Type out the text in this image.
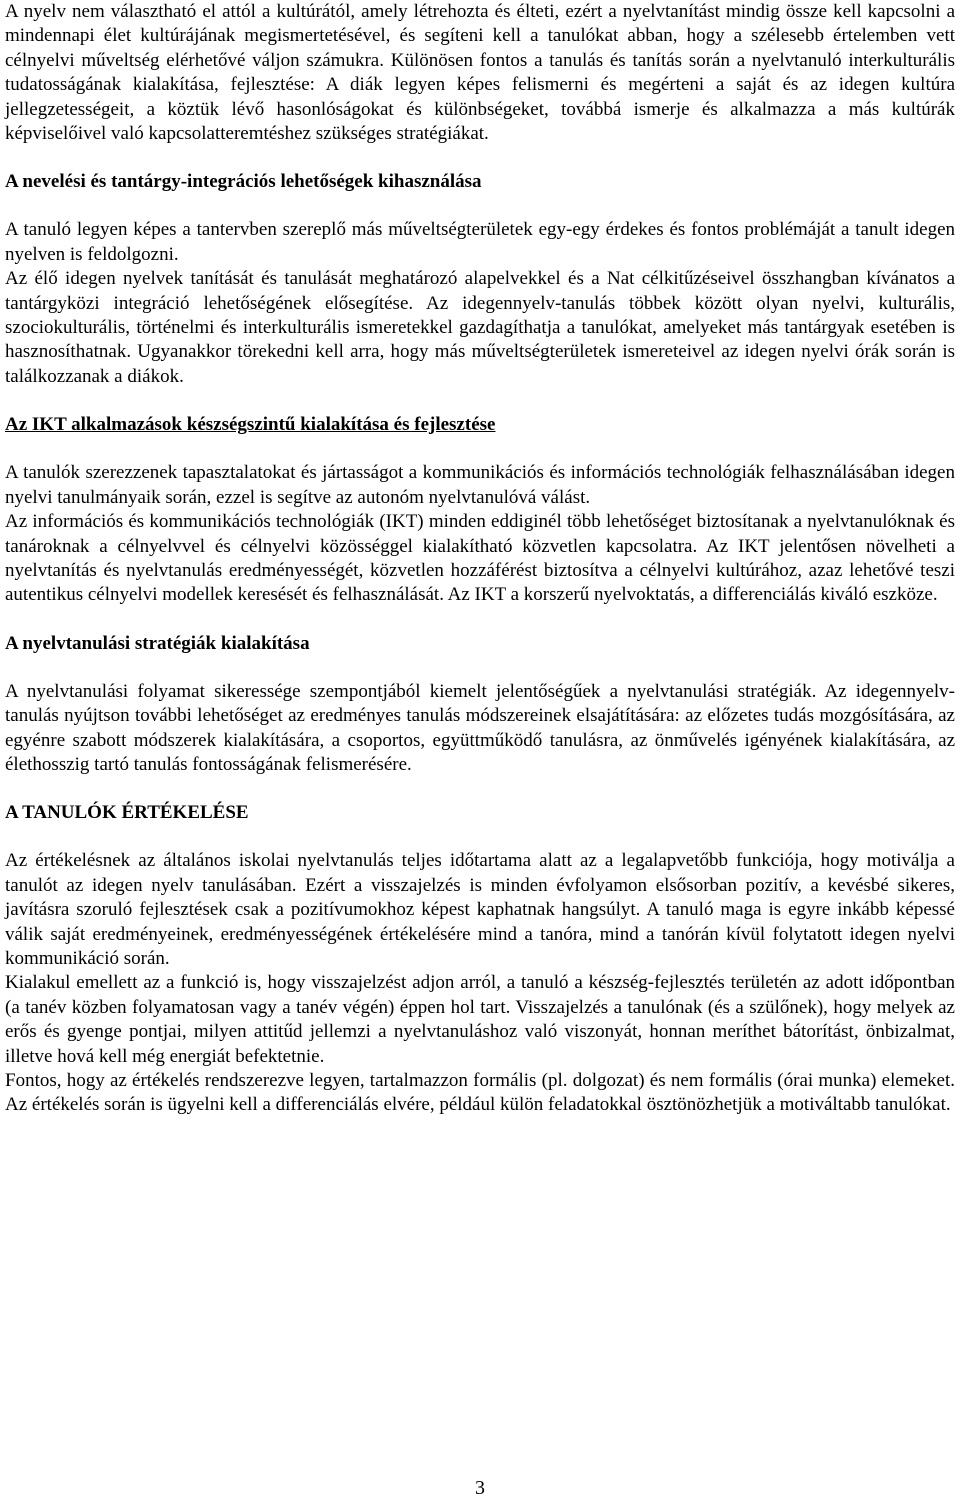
A nyelv nem választható el attól a kultúrától, amely létrehozta és élteti, ezért a nyelvtanítást mindig össze kell kapcsolni a mindennapi élet kultúrájának megismertetésével, és segíteni kell a tanulókat abban, hogy a szélesebb értelemben vett célnyelvi műveltség elérhetővé váljon számukra. Különösen fontos a tanulás és tanítás során a nyelvtanuló interkulturális tudatosságának kialakítása, fejlesztése: A diák legyen képes felismerni és megérteni a saját és az idegen kultúra jellegzetességeit, a köztük lévő hasonlóságokat és különbségeket, továbbá ismerje és alkalmazza a más kultúrák képviselőivel való kapcsolatteremtéshez szükséges stratégiákat.

A nevelési és tantárgy-integrációs lehetőségek kihasználása

A tanuló legyen képes a tantervben szereplő más műveltségterületek egy-egy érdekes és fontos problémáját a tanult idegen nyelven is feldolgozni.

Az élő idegen nyelvek tanítását és tanulását meghatározó alapelvekkel és a Nat célkitűzéseivel összhangban kívánatos a tantárgyközi integráció lehetőségének elősegítése. Az idegennyelv-tanulás többek között olyan nyelvi, kulturális, szociokulturális, történelmi és interkulturális ismeretekkel gazdagíthatja a tanulókat, amelyeket más tantárgyak esetében is hasznosíthatnak. Ugyanakkor törekedni kell arra, hogy más műveltségterületek ismereteivel az idegen nyelvi órák során is találkozzanak a diákok.

Az IKT alkalmazások készségszintű kialakítása és fejlesztése

A tanulók szerezzenek tapasztalatokat és jártasságot a kommunikációs és információs technológiák felhasználásában idegen nyelvi tanulmányaik során, ezzel is segítve az autonóm nyelvtanulóvá válást.

Az információs és kommunikációs technológiák (IKT) minden eddiginél több lehetőséget biztosítanak a nyelvtanulóknak és tanároknak a célnyelvvel és célnyelvi közösséggel kialakítható közvetlen kapcsolatra. Az IKT jelentősen növelheti a nyelvtanítás és nyelvtanulás eredményességét, közvetlen hozzáférést biztosítva a célnyelvi kultúrához, azaz lehetővé teszi autentikus célnyelvi modellek keresését és felhasználását. Az IKT a korszerű nyelvoktatás, a differenciálás kiváló eszköze.

A nyelvtanulási stratégiák kialakítása

A nyelvtanulási folyamat sikeressége szempontjából kiemelt jelentőségűek a nyelvtanulási stratégiák. Az idegennyelv-tanulás nyújtson további lehetőséget az eredményes tanulás módszereinek elsajátítására: az előzetes tudás mozgósítására, az egyénre szabott módszerek kialakítására, a csoportos, együttműködő tanulásra, az önművelés igényének kialakítására, az élethosszig tartó tanulás fontosságának felismerésére.

A TANULÓK ÉRTÉKELÉSE

Az értékelésnek az általános iskolai nyelvtanulás teljes időtartama alatt az a legalapvetőbb funkciója, hogy motiválja a tanulót az idegen nyelv tanulásában. Ezért a visszajelzés is minden évfolyamon elsősorban pozitív, a kevésbé sikeres, javításra szoruló fejlesztések csak a pozitívumokhoz képest kaphatnak hangsúlyt. A tanuló maga is egyre inkább képessé válik saját eredményeinek, eredményességének értékelésére mind a tanóra, mind a tanórán kívül folytatott idegen nyelvi kommunikáció során.

Kialakul emellett az a funkció is, hogy visszajelzést adjon arról, a tanuló a készség-fejlesztés területén az adott időpontban (a tanév közben folyamatosan vagy a tanév végén) éppen hol tart. Visszajelzés a tanulónak (és a szülőnek), hogy melyek az erős és gyenge pontjai, milyen attitűd jellemzi a nyelvtanuláshoz való viszonyát, honnan meríthet bátorítást, önbizalmat, illetve hová kell még energiát befektetnie.

Fontos, hogy az értékelés rendszerezve legyen, tartalmazzon formális (pl. dolgozat) és nem formális (órai munka) elemeket. Az értékelés során is ügyelni kell a differenciálás elvére, például külön feladatokkal ösztönözhetjük a motiváltabb tanulókat.

3
